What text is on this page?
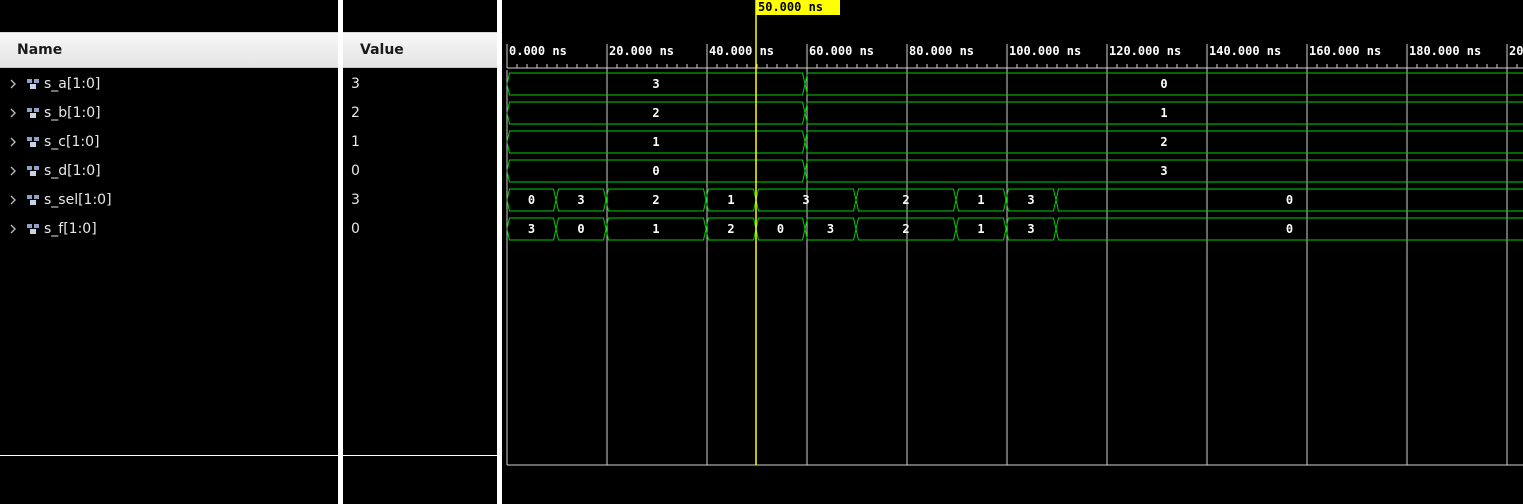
Name	Value
s_a[1:0]	3
s_b[1:0]	2
s_c[1:0]	1
s_d[1:0]	0
s_sel[1:0]	3
s_f[1:0]	0
0.000 ns	20.000 ns	40.000 ns	60.000 ns	80.000 ns	100.000 ns 120.000 ns 140.000 ns 160.000 ns 180.000 ns 20
3	0
2	1
1	2
0	3
0	3	2	1	3	2	1	3	0
3	0	1	2	0	3	2	1	3	0
50.000 ns
